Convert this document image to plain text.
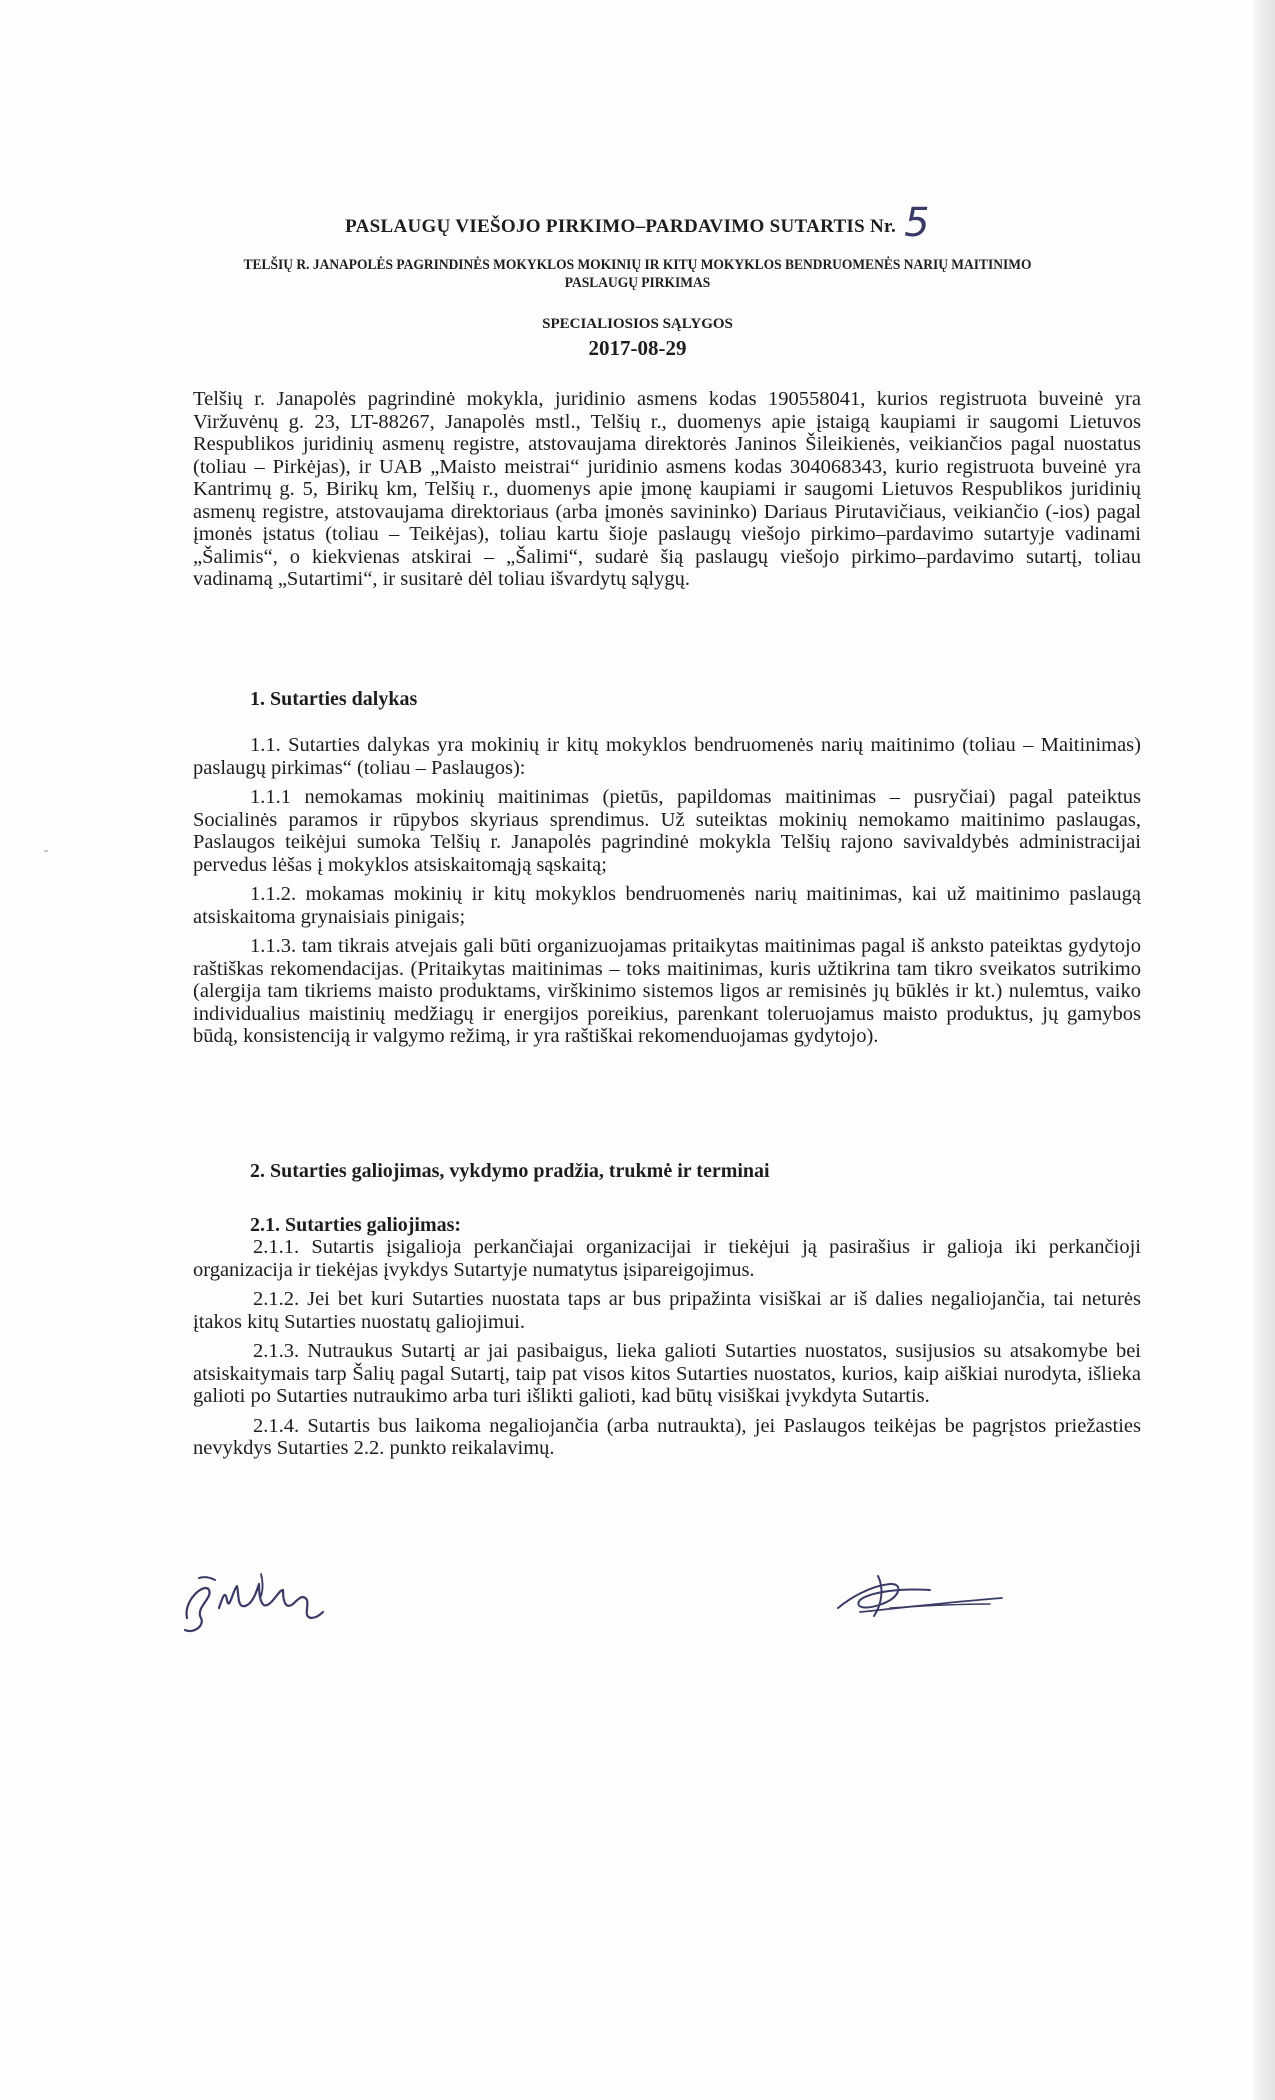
PASLAUGŲ VIEŠOJO PIRKIMO–PARDAVIMO SUTARTIS Nr. 5
TELŠIŲ R. JANAPOLĖS PAGRINDINĖS MOKYKLOS MOKINIŲ IR KITŲ MOKYKLOS BENDRUOMENĖS NARIŲ MAITINIMO PASLAUGŲ PIRKIMAS
SPECIALIOSIOS SĄLYGOS
2017-08-29
Telšių r. Janapolės pagrindinė mokykla, juridinio asmens kodas 190558041, kurios registruota buveinė yra Viržuvėnų g. 23, LT-88267, Janapolės mstl., Telšių r., duomenys apie įstaigą kaupiami ir saugomi Lietuvos Respublikos juridinių asmenų registre, atstovaujama direktorės Janinos Šileikienės, veikiančios pagal nuostatus (toliau – Pirkėjas), ir UAB „Maisto meistrai“ juridinio asmens kodas 304068343, kurio registruota buveinė yra Kantrimų g. 5, Birikų km, Telšių r., duomenys apie įmonę kaupiami ir saugomi Lietuvos Respublikos juridinių asmenų registre, atstovaujama direktoriaus (arba įmonės savininko) Dariaus Pirutavičiaus, veikiančio (-ios) pagal įmonės įstatus (toliau – Teikėjas), toliau kartu šioje paslaugų viešojo pirkimo–pardavimo sutartyje vadinami „Šalimis“, o kiekvienas atskirai – „Šalimi“, sudarė šią paslaugų viešojo pirkimo–pardavimo sutartį, toliau vadinamą „Sutartimi“, ir susitarė dėl toliau išvardytų sąlygų.
1. Sutarties dalykas

1.1. Sutarties dalykas yra mokinių ir kitų mokyklos bendruomenės narių maitinimo (toliau – Maitinimas) paslaugų pirkimas“ (toliau – Paslaugos):

1.1.1 nemokamas mokinių maitinimas (pietūs, papildomas maitinimas – pusryčiai) pagal pateiktus Socialinės paramos ir rūpybos skyriaus sprendimus. Už suteiktas mokinių nemokamo maitinimo paslaugas, Paslaugos teikėjui sumoka Telšių r. Janapolės pagrindinė mokykla Telšių rajono savivaldybės administracijai pervedus lėšas į mokyklos atsiskaitomąją sąskaitą;

1.1.2. mokamas mokinių ir kitų mokyklos bendruomenės narių maitinimas, kai už maitinimo paslaugą atsiskaitoma grynaisiais pinigais;

1.1.3. tam tikrais atvejais gali būti organizuojamas pritaikytas maitinimas pagal iš anksto pateiktas gydytojo raštiškas rekomendacijas. (Pritaikytas maitinimas – toks maitinimas, kuris užtikrina tam tikro sveikatos sutrikimo (alergija tam tikriems maisto produktams, virškinimo sistemos ligos ar remisinės jų būklės ir kt.) nulemtus, vaiko individualius maistinių medžiagų ir energijos poreikius, parenkant toleruojamus maisto produktus, jų gamybos būdą, konsistenciją ir valgymo režimą, ir yra raštiškai rekomenduojamas gydytojo).

2. Sutarties galiojimas, vykdymo pradžia, trukmė ir terminai
2.1. Sutarties galiojimas:

2.1.1. Sutartis įsigalioja perkančiajai organizacijai ir tiekėjui ją pasirašius ir galioja iki perkančioji organizacija ir tiekėjas įvykdys Sutartyje numatytus įsipareigojimus.

2.1.2. Jei bet kuri Sutarties nuostata taps ar bus pripažinta visiškai ar iš dalies negaliojančia, tai neturės įtakos kitų Sutarties nuostatų galiojimui.

2.1.3. Nutraukus Sutartį ar jai pasibaigus, lieka galioti Sutarties nuostatos, susijusios su atsakomybe bei atsiskaitymais tarp Šalių pagal Sutartį, taip pat visos kitos Sutarties nuostatos, kurios, kaip aiškiai nurodyta, išlieka galioti po Sutarties nutraukimo arba turi išlikti galioti, kad būtų visiškai įvykdyta Sutartis.

2.1.4. Sutartis bus laikoma negaliojančia (arba nutraukta), jei Paslaugos teikėjas be pagrįstos priežasties nevykdys Sutarties 2.2. punkto reikalavimų.
